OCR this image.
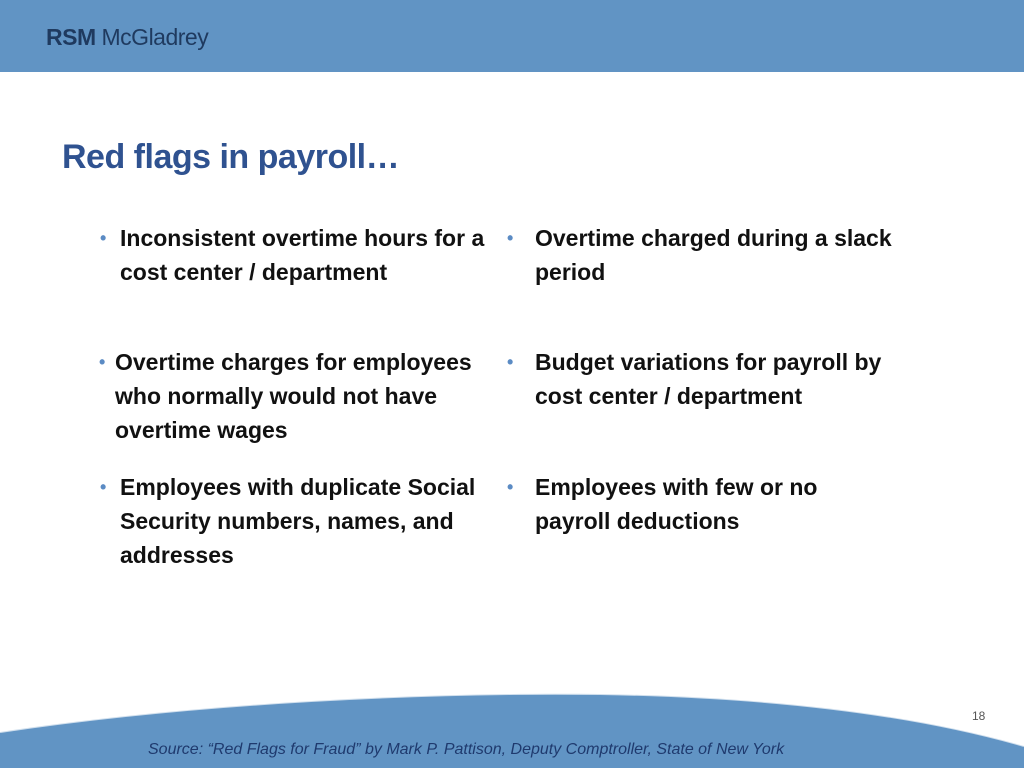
RSM McGladrey
Red flags in payroll…
• Inconsistent overtime hours for a cost center / department
• Overtime charges for employees who normally would not have overtime wages
• Employees with duplicate Social Security numbers, names, and addresses
• Overtime charged during a slack period
• Budget variations for payroll by cost center / department
• Employees with few or no payroll deductions
18
Source: “Red Flags for Fraud” by Mark P. Pattison, Deputy Comptroller, State of New York
